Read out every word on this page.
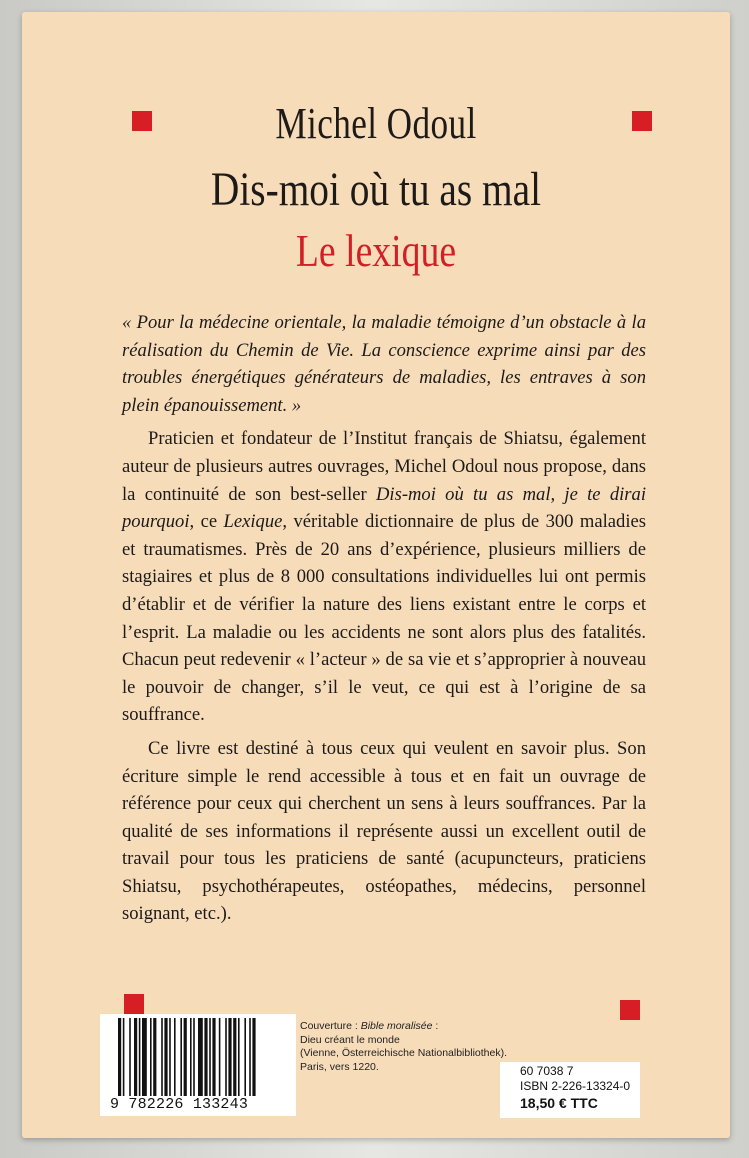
Michel Odoul
Dis-moi où tu as mal
Le lexique

« Pour la médecine orientale, la maladie témoigne d’un obstacle à la réalisation du Chemin de Vie. La conscience exprime ainsi par des troubles énergétiques générateurs de maladies, les entraves à son plein épanouissement. »

Praticien et fondateur de l’Institut français de Shiatsu, également auteur de plusieurs autres ouvrages, Michel Odoul nous propose, dans la continuité de son best-seller Dis-moi où tu as mal, je te dirai pourquoi, ce Lexique, véritable dictionnaire de plus de 300 maladies et traumatismes. Près de 20 ans d’expérience, plusieurs milliers de stagiaires et plus de 8 000 consultations individuelles lui ont permis d’établir et de vérifier la nature des liens existant entre le corps et l’esprit. La maladie ou les accidents ne sont alors plus des fatalités. Chacun peut redevenir « l’acteur » de sa vie et s’approprier à nouveau le pouvoir de changer, s’il le veut, ce qui est à l’origine de sa souffrance.

Ce livre est destiné à tous ceux qui veulent en savoir plus. Son écriture simple le rend accessible à tous et en fait un ouvrage de référence pour ceux qui cherchent un sens à leurs souffrances. Par la qualité de ses informations il représente aussi un excellent outil de travail pour tous les praticiens de santé (acupuncteurs, praticiens Shiatsu, psychothérapeutes, ostéopathes, médecins, personnel soignant, etc.).

9 782226 133243
Couverture : Bible moralisée :
Dieu créant le monde
(Vienne, Österreichische Nationalbibliothek).
Paris, vers 1220.	60 7038 7
ISBN 2-226-13324-0
18,50 € TTC
